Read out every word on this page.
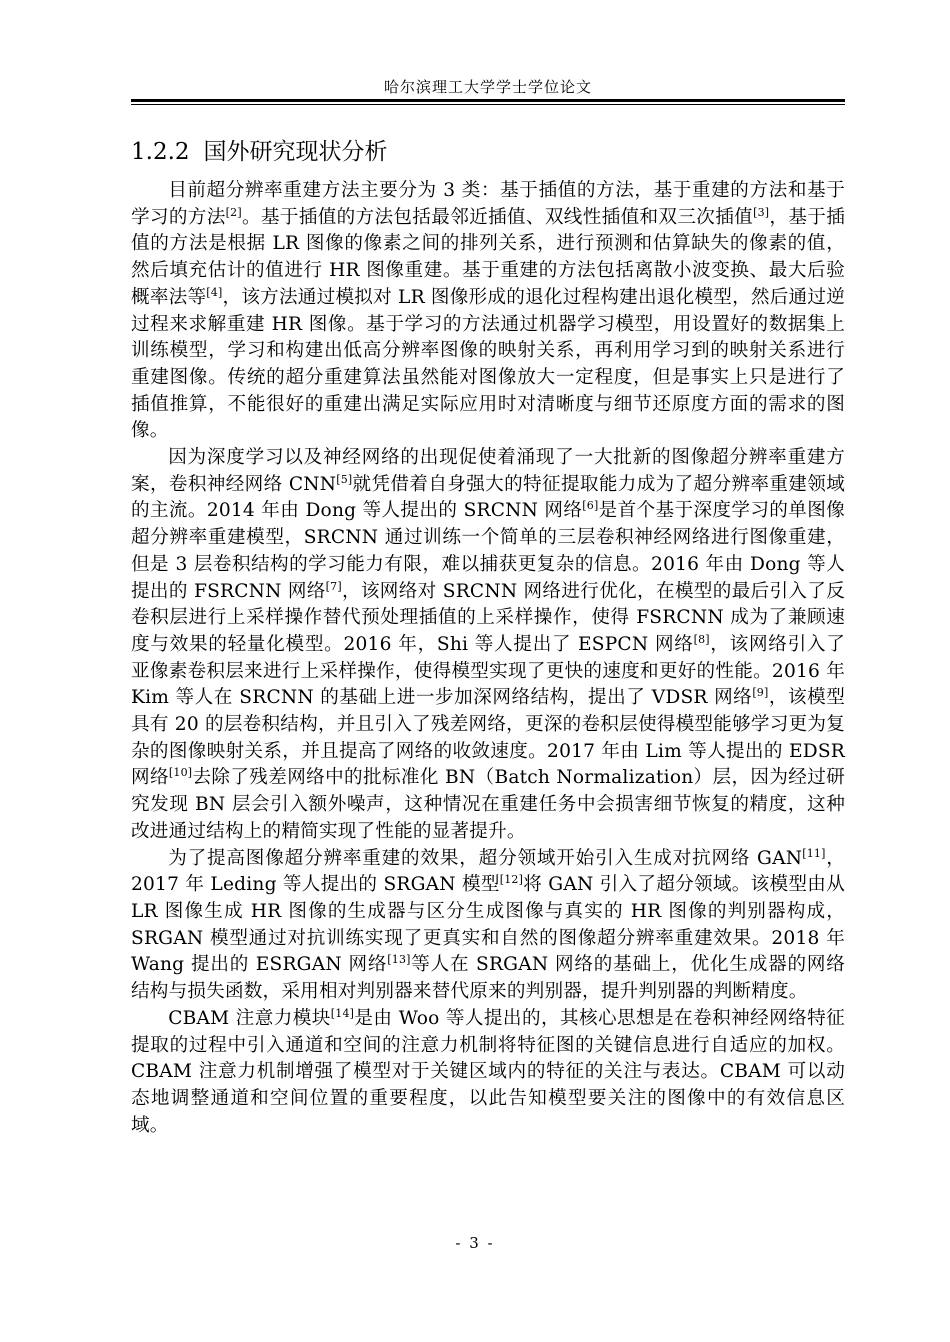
哈尔滨理工大学学士学位论文
1.2.2 国外研究现状分析

目前超分辨率重建方法主要分为 3 类：基于插值的方法，基于重建的方法和基于学习的方法[2]。基于插值的方法包括最邻近插值、双线性插值和双三次插值[3]，基于插值的方法是根据 LR 图像的像素之间的排列关系，进行预测和估算缺失的像素的值，然后填充估计的值进行 HR 图像重建。基于重建的方法包括离散小波变换、最大后验概率法等[4]，该方法通过模拟对 LR 图像形成的退化过程构建出退化模型，然后通过逆过程来求解重建 HR 图像。基于学习的方法通过机器学习模型，用设置好的数据集上训练模型，学习和构建出低高分辨率图像的映射关系，再利用学习到的映射关系进行重建图像。传统的超分重建算法虽然能对图像放大一定程度，但是事实上只是进行了插值推算，不能很好的重建出满足实际应用时对清晰度与细节还原度方面的需求的图像。

因为深度学习以及神经网络的出现促使着涌现了一大批新的图像超分辨率重建方案，卷积神经网络 CNN[5]就凭借着自身强大的特征提取能力成为了超分辨率重建领域的主流。2014 年由 Dong 等人提出的 SRCNN 网络[6]是首个基于深度学习的单图像超分辨率重建模型，SRCNN 通过训练一个简单的三层卷积神经网络进行图像重建，但是 3 层卷积结构的学习能力有限，难以捕获更复杂的信息。2016 年由 Dong 等人提出的 FSRCNN 网络[7]，该网络对 SRCNN 网络进行优化，在模型的最后引入了反卷积层进行上采样操作替代预处理插值的上采样操作，使得 FSRCNN 成为了兼顾速度与效果的轻量化模型。2016 年，Shi 等人提出了 ESPCN 网络[8]，该网络引入了亚像素卷积层来进行上采样操作，使得模型实现了更快的速度和更好的性能。2016 年 Kim 等人在 SRCNN 的基础上进一步加深网络结构，提出了 VDSR 网络[9]，该模型具有 20 的层卷积结构，并且引入了残差网络，更深的卷积层使得模型能够学习更为复杂的图像映射关系，并且提高了网络的收敛速度。2017 年由 Lim 等人提出的 EDSR 网络[10]去除了残差网络中的批标准化 BN（Batch Normalization）层，因为经过研究发现 BN 层会引入额外噪声，这种情况在重建任务中会损害细节恢复的精度，这种改进通过结构上的精简实现了性能的显著提升。

为了提高图像超分辨率重建的效果，超分领域开始引入生成对抗网络 GAN[11]，2017 年 Leding 等人提出的 SRGAN 模型[12]将 GAN 引入了超分领域。该模型由从 LR 图像生成 HR 图像的生成器与区分生成图像与真实的 HR 图像的判别器构成，SRGAN 模型通过对抗训练实现了更真实和自然的图像超分辨率重建效果。2018 年 Wang 提出的 ESRGAN 网络[13]等人在 SRGAN 网络的基础上，优化生成器的网络结构与损失函数，采用相对判别器来替代原来的判别器，提升判别器的判断精度。

CBAM 注意力模块[14]是由 Woo 等人提出的，其核心思想是在卷积神经网络特征提取的过程中引入通道和空间的注意力机制将特征图的关键信息进行自适应的加权。CBAM 注意力机制增强了模型对于关键区域内的特征的关注与表达。CBAM 可以动态地调整通道和空间位置的重要程度，以此告知模型要关注的图像中的有效信息区域。

- 3 -
